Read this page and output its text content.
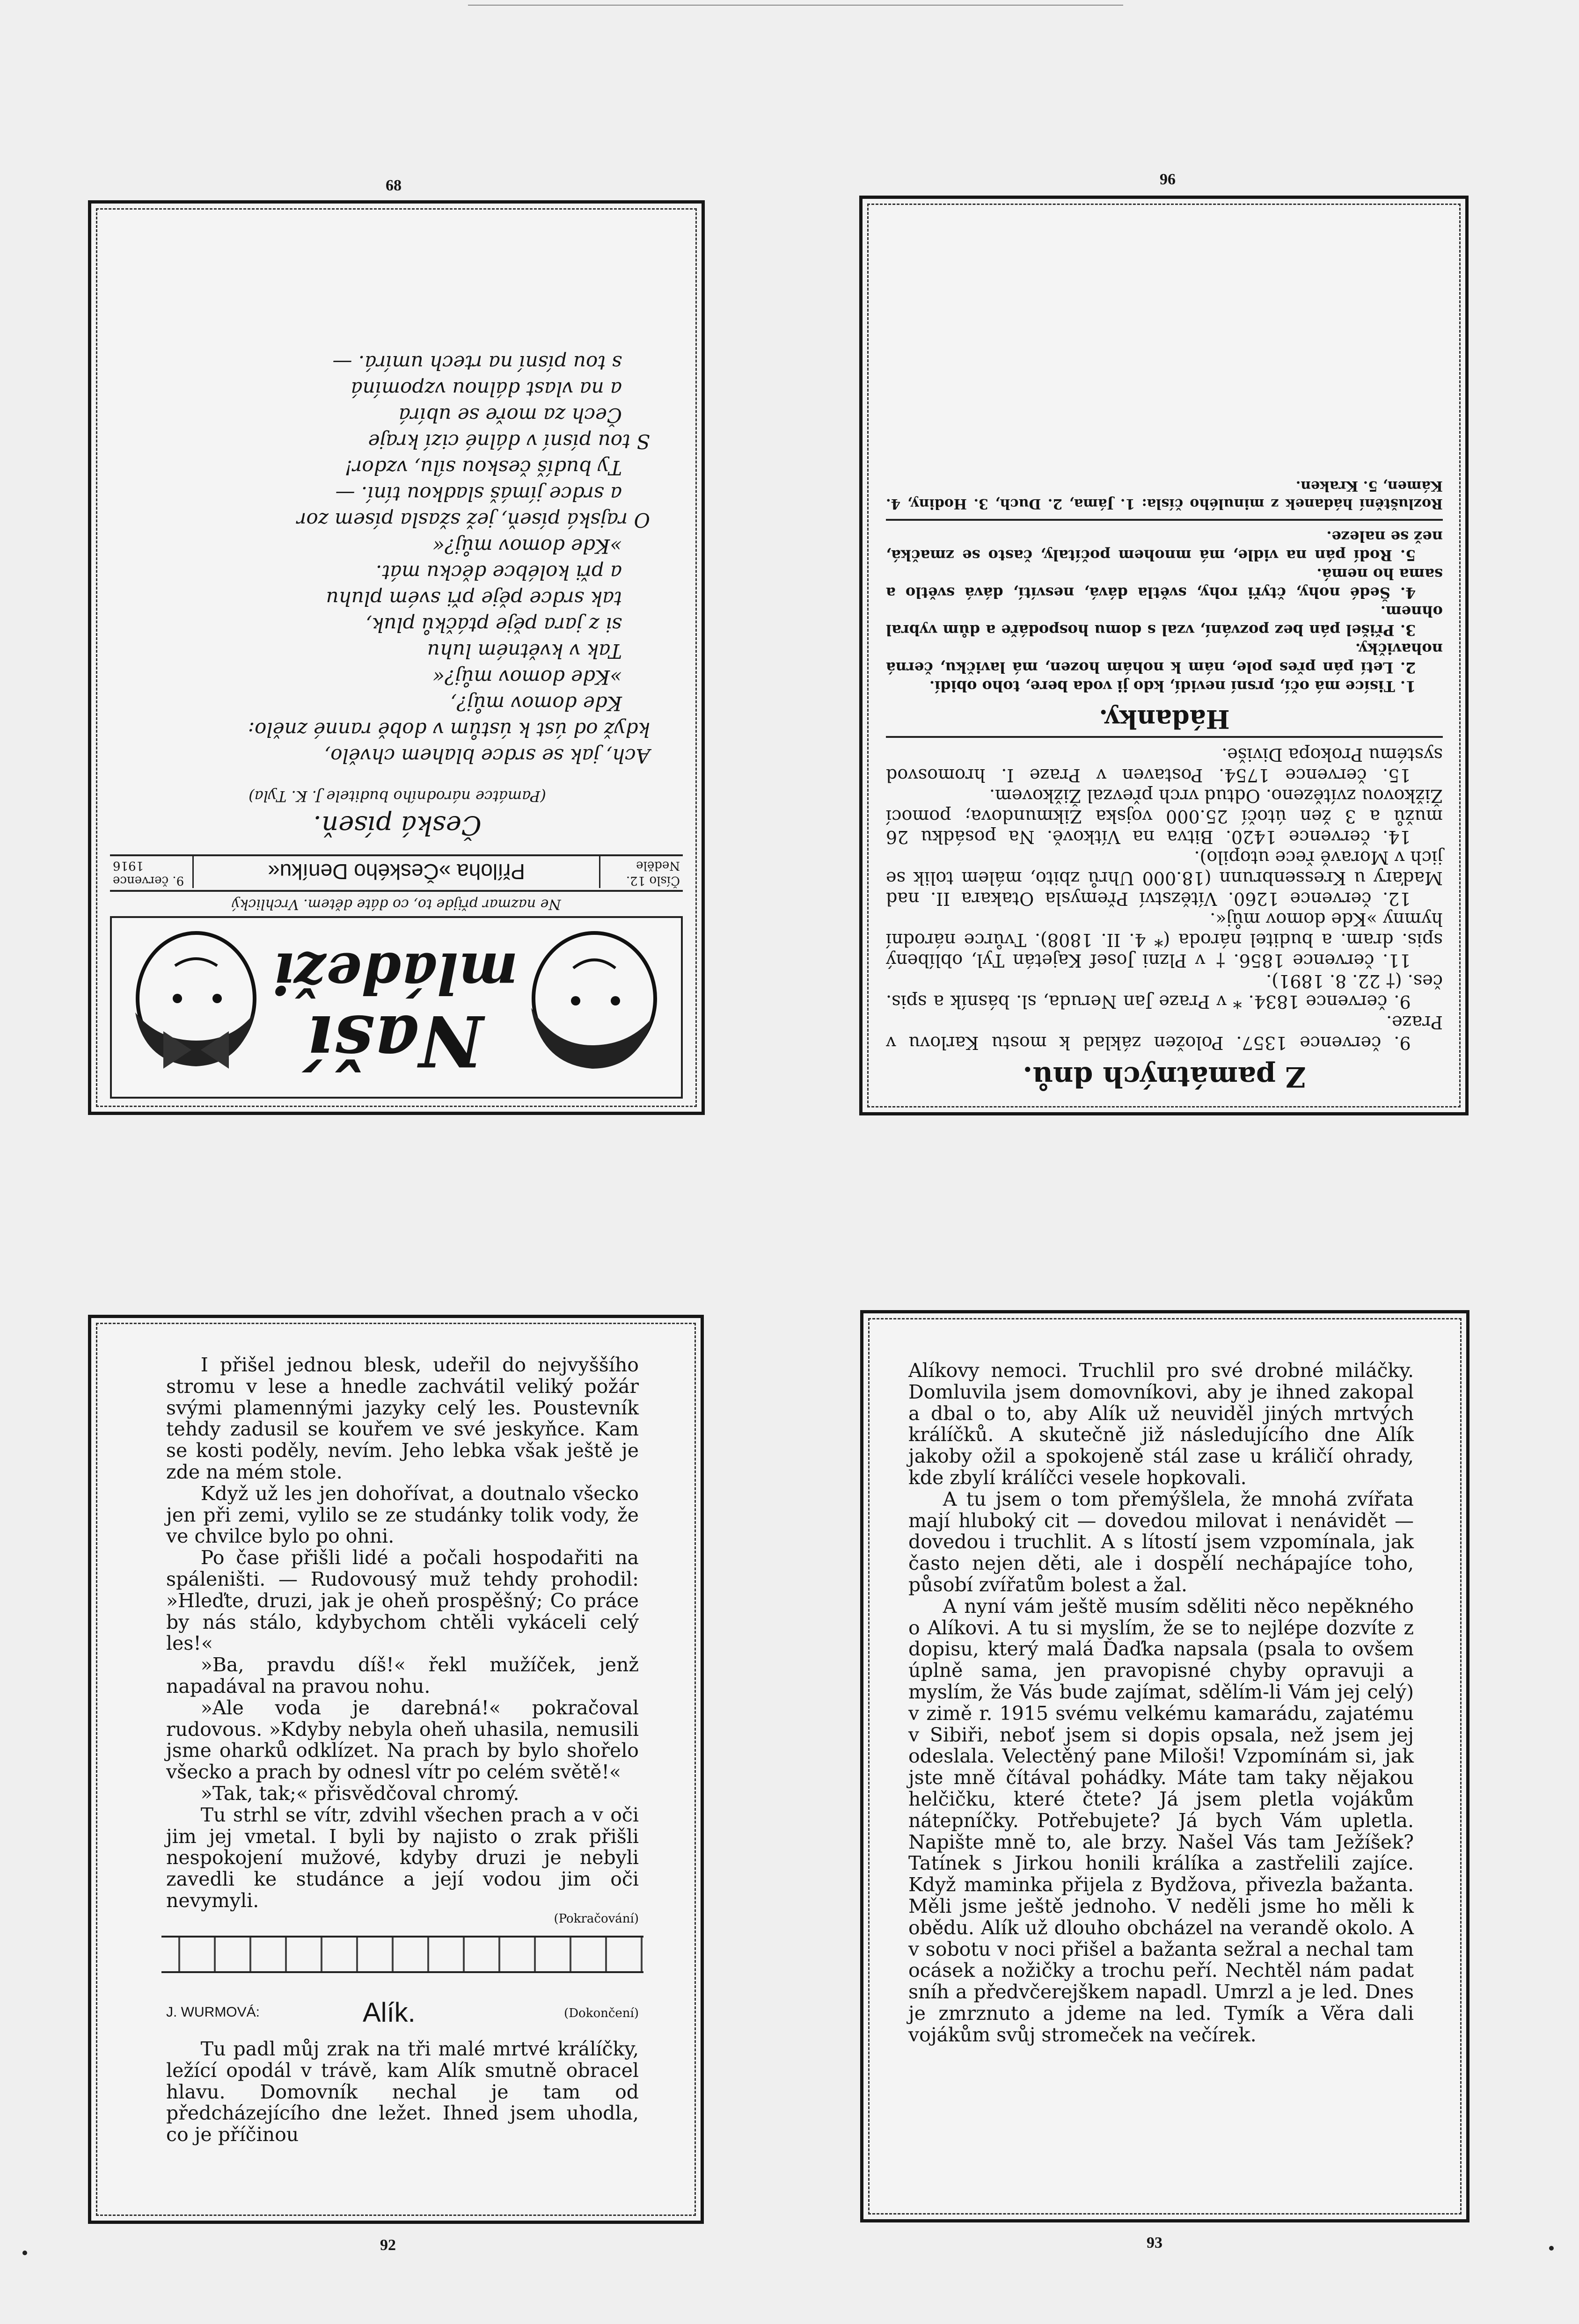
68
Naší
mládeži
Ne nazmar přijde to, co dáte dětem. Vrchlický
Číslo 12.
Neděle
Příloha »Českého Deníku«
9. července
1916
Česká píseň.
(Památce národního buditele J. K. Tyla)
Ach, jak se srdce blahem chvělo,
když od úst k ústům v době ranné znělo:
Kde domov můj?,
»Kde domov můj?«
Tak v květném luhu
si z jara pěje ptáčků pluk,
tak srdce pěje při svém pluhu
a při kolébce děcku mát.
»Kde domov můj?«
O rajská píseň, jež sžasla písem zor
a srdce jímáš sladkou tíní. —
Ty budíš českou sílu, vzdor!
S tou písní v dálné cizí kraje
Čech za moře se ubírá
a na vlast dálnou vzpomíná
s tou písní na rtech umírá. —
96
Z památných dnů.

9. července 1357. Položen základ k mostu Karlovu v Praze.

9. července 1834. * v Praze Jan Neruda, sl. básník a spis. čes. († 22. 8. 1891).

11. července 1856. † v Plzni Josef Kajetán Tyl, oblíbený spis. dram. a buditel národa (* 4. II. 1808). Tvůrce národní hymny »Kde domov můj«.

12. července 1260. Vítězství Přemysla Otakara II. nad Maďary u Kressenbrunn (18.000 Uhrů zbito, málem tolik se jich v Moravě řece utopilo).

14. července 1420. Bitva na Vítkově. Na posádku 26 mužů a 3 žen útočí 25.000 vojska Zikmundova; pomocí Žižkovou zvítězeno. Odtud vrch převzal Žižkovem.

15. července 1754. Postaven v Praze I. hromosvod systému Prokopa Diviše.

Hádanky.

1. Tisíce má očí, prsní nevidí, kdo ji voda bere, toho obidí.

2. Letí pán přes pole, nám k nohám hozen, má lavičku, černá nohavičky.

3. Přišel pán bez pozvání, vzal s domu hospodáře a dům vybral ohnem.

4. Šedé nohy, čtyři rohy, světla dává, nesvítí, dává světlo a sama ho nemá.

5. Rodí pán na vidle, má mnohem počítaly, často se zmačká, než se naleze.

Rozluštění hádanek z minulého čísla: 1. Jáma, 2. Duch, 3. Hodiny, 4. Kámen, 5. Kraken.

I přišel jednou blesk, udeřil do nejvyššího stromu v lese a hnedle zachvátil veliký požár svými plamennými jazyky celý les. Poustevník tehdy zadusil se kouřem ve své jeskyňce. Kam se kosti poděly, nevím. Jeho lebka však ještě je zde na mém stole.

Když už les jen dohořívat, a doutnalo všecko jen při zemi, vylilo se ze studánky tolik vody, že ve chvilce bylo po ohni.

Po čase přišli lidé a počali hospodařiti na spáleništi. — Rudovousý muž tehdy prohodil: »Hleďte, druzi, jak je oheň prospěšný; Co práce by nás stálo, kdybychom chtěli vykáceli celý les!«

»Ba, pravdu díš!« řekl mužíček, jenž napadával na pravou nohu.

»Ale voda je darebná!« pokračoval rudovous. »Kdyby nebyla oheň uhasila, nemusili jsme oharků odklízet. Na prach by bylo shořelo všecko a prach by odnesl vítr po celém světě!«

»Tak, tak;« přisvědčoval chromý.

Tu strhl se vítr, zdvihl všechen prach a v oči jim jej vmetal. I byli by najisto o zrak přišli nespokojení mužové, kdyby druzi je nebyli zavedli ke studánce a její vodou jim oči nevymyli.

(Pokračování)
J. WURMOVÁ:	Alík.	(Dokončení)

Tu padl můj zrak na tři malé mrtvé králíčky, ležící opodál v trávě, kam Alík smutně obracel hlavu. Domovník nechal je tam od předcházejícího dne ležet. Ihned jsem uhodla, co je příčinou

92

Alíkovy nemoci. Truchlil pro své drobné miláčky. Domluvila jsem domovníkovi, aby je ihned zakopal a dbal o to, aby Alík už neuviděl jiných mrtvých králíčků. A skutečně již následujícího dne Alík jakoby ožil a spokojeně stál zase u králičí ohrady, kde zbylí králíčci vesele hopkovali.

A tu jsem o tom přemýšlela, že mnohá zvířata mají hluboký cit — dovedou milovat i nenávidět — dovedou i truchlit. A s lítostí jsem vzpomínala, jak často nejen děti, ale i dospělí nechápajíce toho, působí zvířatům bolest a žal.

A nyní vám ještě musím sděliti něco nepěkného o Alíkovi. A tu si myslím, že se to nejlépe dozvíte z dopisu, který malá Ďaďka napsala (psala to ovšem úplně sama, jen pravopisné chyby opravuji a myslím, že Vás bude zajímat, sdělím-li Vám jej celý) v zimě r. 1915 svému velkému kamarádu, zajatému v Sibiři, neboť jsem si dopis opsala, než jsem jej odeslala. Velectěný pane Miloši! Vzpomínám si, jak jste mně čítával pohádky. Máte tam taky nějakou helčičku, které čtete? Já jsem pletla vojákům nátepníčky. Potřebujete? Já bych Vám upletla. Napište mně to, ale brzy. Našel Vás tam Ježíšek? Tatínek s Jirkou honili králíka a zastřelili zajíce. Když maminka přijela z Bydžova, přivezla bažanta. Měli jsme ještě jednoho. V neděli jsme ho měli k obědu. Alík už dlouho obcházel na verandě okolo. A v sobotu v noci přišel a bažanta sežral a nechal tam ocásek a nožičky a trochu peří. Nechtěl nám padat sníh a předvčerejškem napadl. Umrzl a je led. Dnes je zmrznuto a jdeme na led. Tymík a Věra dali vojákům svůj stromeček na večírek.

93
